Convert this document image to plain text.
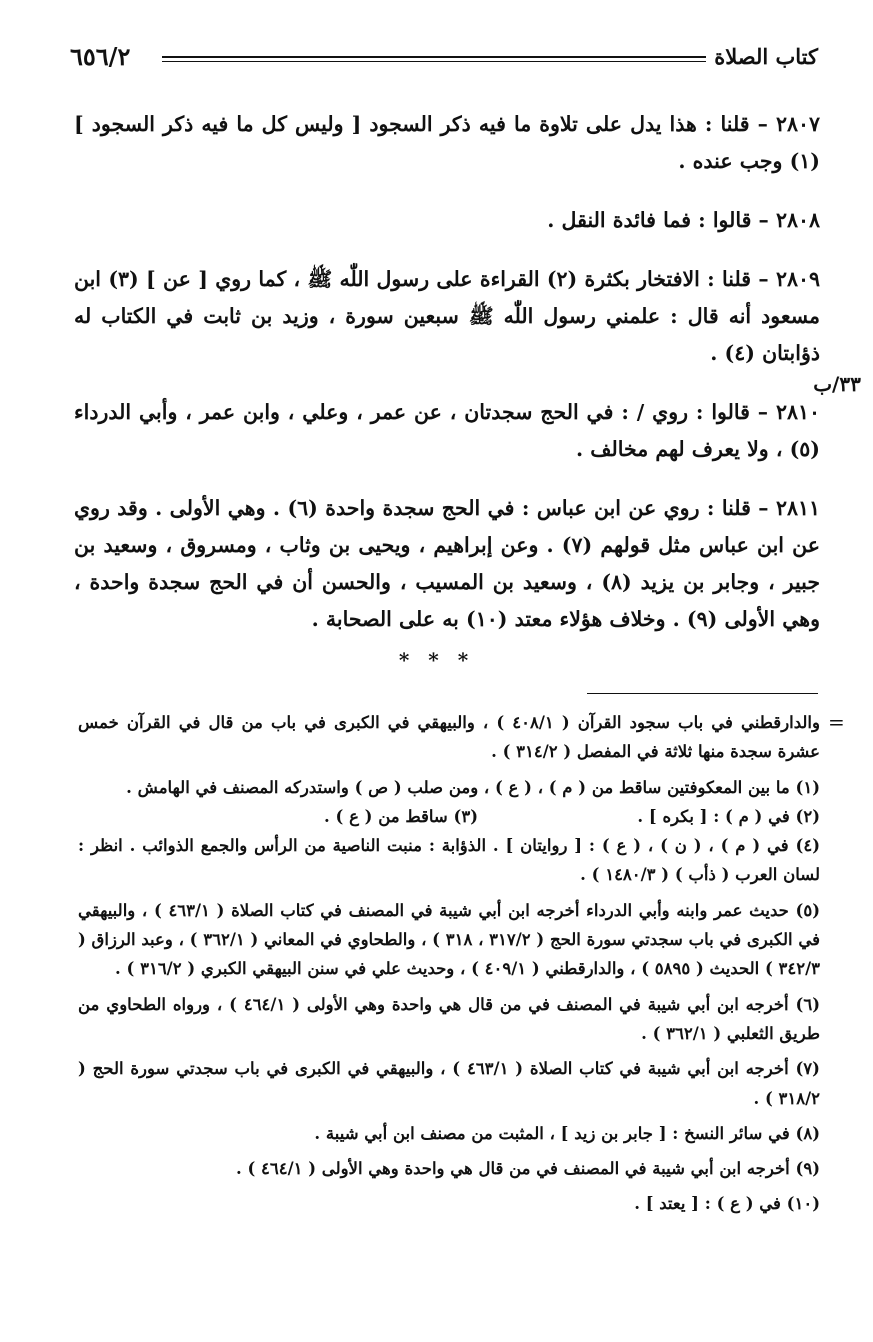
كتاب الصلاة
٦٥٦/٢
٣٣/ب

٢٨٠٧ – قلنا : هذا يدل على تلاوة ما فيه ذكر السجود [ وليس كل ما فيه ذكر السجود ] (١) وجب عنده .

٢٨٠٨ – قالوا : فما فائدة النقل .

٢٨٠٩ – قلنا : الافتخار بكثرة (٢) القراءة على رسول اللّٰه ﷺ ، كما روي [ عن ] (٣) ابن مسعود أنه قال : علمني رسول اللّٰه ﷺ سبعين سورة ، وزيد بن ثابت في الكتاب له ذؤابتان (٤) .

٢٨١٠ – قالوا : روي / : في الحج سجدتان ، عن عمر ، وعلي ، وابن عمر ، وأبي الدرداء (٥) ، ولا يعرف لهم مخالف .

٢٨١١ – قلنا : روي عن ابن عباس : في الحج سجدة واحدة (٦) . وهي الأولى . وقد روي عن ابن عباس مثل قولهم (٧) . وعن إبراهيم ، ويحيى بن وثاب ، ومسروق ، وسعيد بن جبير ، وجابر بن يزيد (٨) ، وسعيد بن المسيب ، والحسن أن في الحج سجدة واحدة ، وهي الأولى (٩) . وخلاف هؤلاء معتد (١٠) به على الصحابة .

* * *
=

والدارقطني في باب سجود القرآن ( ٤٠٨/١ ) ، والبيهقي في الكبرى في باب من قال في القرآن خمس عشرة سجدة منها ثلاثة في المفصل ( ٣١٤/٢ ) .

(١) ما بين المعكوفتين ساقط من ( م ) ، ( ع ) ، ومن صلب ( ص ) واستدركه المصنف في الهامش .

(٢) في ( م ) : [ بكره ] .
(٣) ساقط من ( ع ) .

(٤) في ( م ) ، ( ن ) ، ( ع ) : [ روايتان ] . الذؤابة : منبت الناصية من الرأس والجمع الذوائب . انظر : لسان العرب ( ذأب ) ( ١٤٨٠/٣ ) .

(٥) حديث عمر وابنه وأبي الدرداء أخرجه ابن أبي شيبة في المصنف في كتاب الصلاة ( ٤٦٣/١ ) ، والبيهقي في الكبرى في باب سجدتي سورة الحج ( ٣١٧/٢ ، ٣١٨ ) ، والطحاوي في المعاني ( ٣٦٢/١ ) ، وعبد الرزاق ( ٣٤٢/٣ ) الحديث ( ٥٨٩٥ ) ، والدارقطني ( ٤٠٩/١ ) ، وحديث علي في سنن البيهقي الكبري ( ٣١٦/٢ ) .

(٦) أخرجه ابن أبي شيبة في المصنف في من قال هي واحدة وهي الأولى ( ٤٦٤/١ ) ، ورواه الطحاوي من طريق الثعلبي ( ٣٦٢/١ ) .

(٧) أخرجه ابن أبي شيبة في كتاب الصلاة ( ٤٦٣/١ ) ، والبيهقي في الكبرى في باب سجدتي سورة الحج ( ٣١٨/٢ ) .

(٨) في سائر النسخ : [ جابر بن زيد ] ، المثبت من مصنف ابن أبي شيبة .

(٩) أخرجه ابن أبي شيبة في المصنف في من قال هي واحدة وهي الأولى ( ٤٦٤/١ ) .

(١٠) في ( ع ) : [ يعتد ] .
